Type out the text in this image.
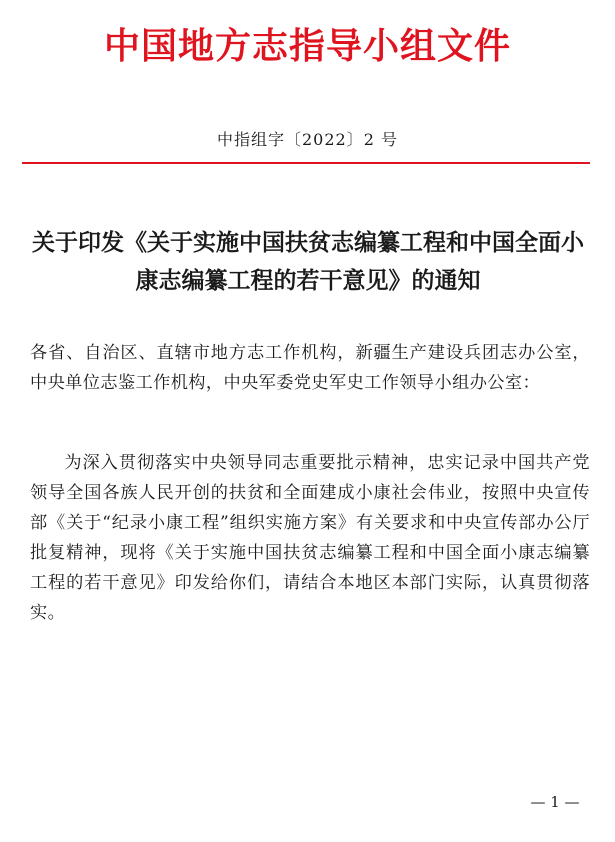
中国地方志指导小组文件
中指组字〔2022〕2 号
关于印发《关于实施中国扶贫志编纂工程和中国全面小康志编纂工程的若干意见》的通知
各省、自治区、直辖市地方志工作机构，新疆生产建设兵团志办公室，中央单位志鉴工作机构，中央军委党史军史工作领导小组办公室：
为深入贯彻落实中央领导同志重要批示精神，忠实记录中国共产党领导全国各族人民开创的扶贫和全面建成小康社会伟业，按照中央宣传部《关于“纪录小康工程”组织实施方案》有关要求和中央宣传部办公厅批复精神，现将《关于实施中国扶贫志编纂工程和中国全面小康志编纂工程的若干意见》印发给你们，请结合本地区本部门实际，认真贯彻落实。
— 1 —
